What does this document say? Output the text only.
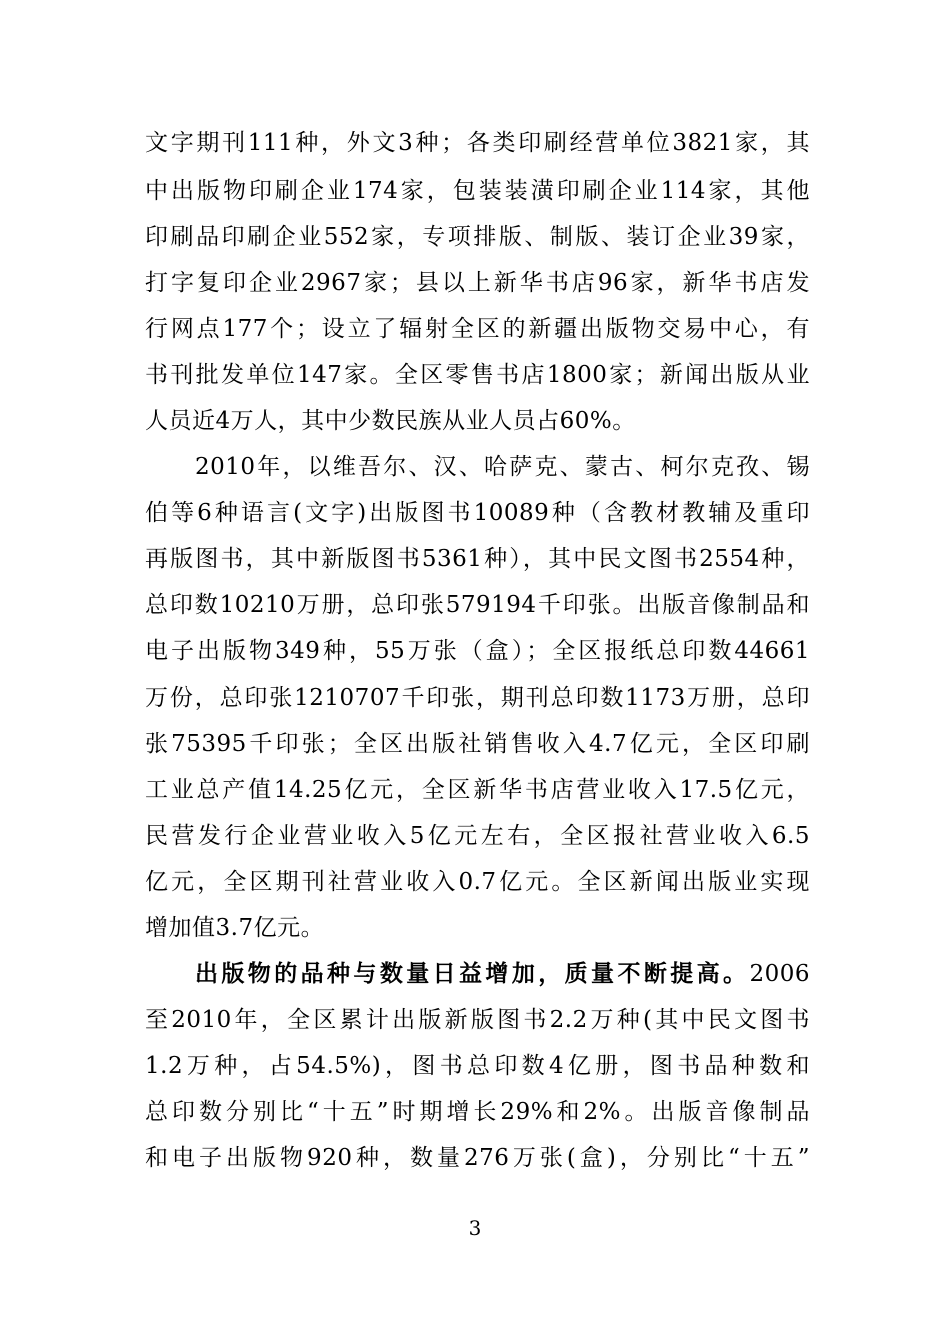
文字期刊111种，外文3种；各类印刷经营单位3821家，其
中出版物印刷企业174家，包装装潢印刷企业114家，其他
印刷品印刷企业552家，专项排版、制版、装订企业39家，
打字复印企业2967家；县以上新华书店96家，新华书店发
行网点177个；设立了辐射全区的新疆出版物交易中心，有
书刊批发单位147家。全区零售书店1800家；新闻出版从业
人员近4万人，其中少数民族从业人员占60%。
2010年，以维吾尔、汉、哈萨克、蒙古、柯尔克孜、锡
伯等6种语言(文字)出版图书10089种（含教材教辅及重印
再版图书，其中新版图书5361种），其中民文图书2554种，
总印数10210万册，总印张579194千印张。出版音像制品和
电子出版物349种，55万张（盒）；全区报纸总印数44661
万份，总印张1210707千印张，期刊总印数1173万册，总印
张75395千印张；全区出版社销售收入4.7亿元，全区印刷
工业总产值14.25亿元，全区新华书店营业收入17.5亿元，
民营发行企业营业收入5亿元左右，全区报社营业收入6.5
亿元，全区期刊社营业收入0.7亿元。全区新闻出版业实现
增加值3.7亿元。
出版物的品种与数量日益增加，质量不断提高。2006
至2010年，全区累计出版新版图书2.2万种(其中民文图书
1.2万种，占54.5%)，图书总印数4亿册，图书品种数和
总印数分别比“十五”时期增长29%和2%。出版音像制品
和电子出版物920种，数量276万张(盒)，分别比“十五”
3
